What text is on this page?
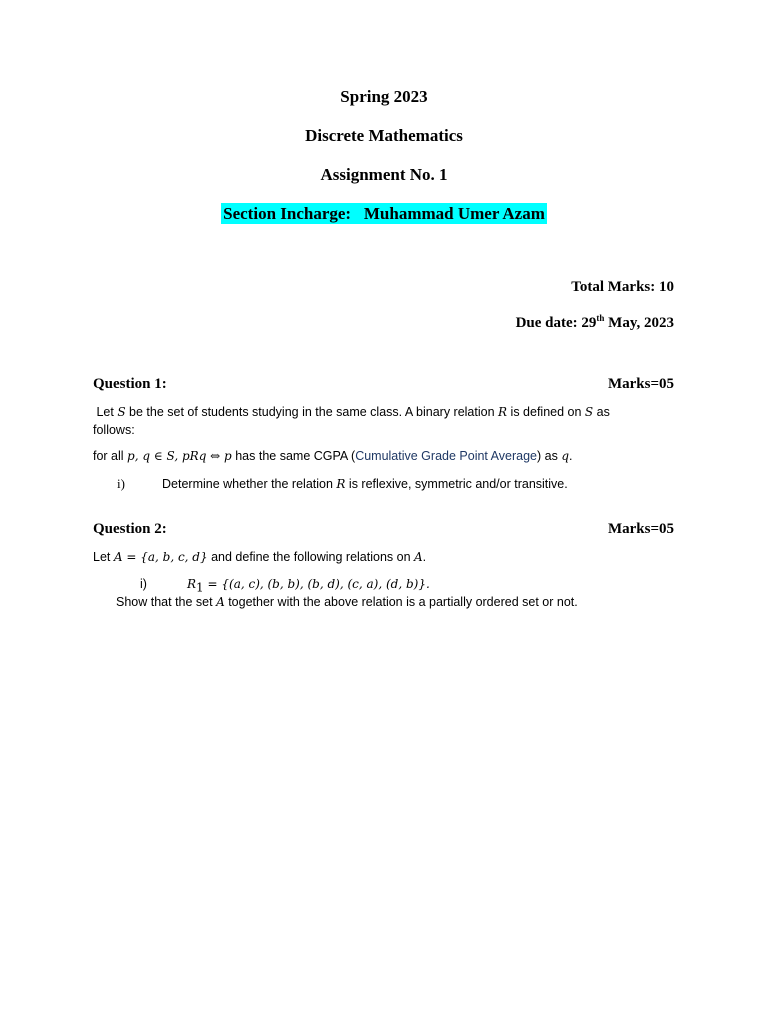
Spring 2023
Discrete Mathematics
Assignment No. 1
Section Incharge: Muhammad Umer Azam
Total Marks: 10
Due date: 29th May, 2023
Question 1:	Marks=05
Let S be the set of students studying in the same class. A binary relation R is defined on S as
follows:
for all p, q ∈ S, pRq ⇔ p has the same CGPA (Cumulative Grade Point Average) as q.
i)	Determine whether the relation R is reflexive, symmetric and/or transitive.
Question 2:	Marks=05
Let A = {a, b, c, d} and define the following relations on A.
i)	$R_1 = \{(a$, c), (b, b), (b, d), (c, a), (d, b)}.
Show that the set A together with the above relation is a partially ordered set or not.
